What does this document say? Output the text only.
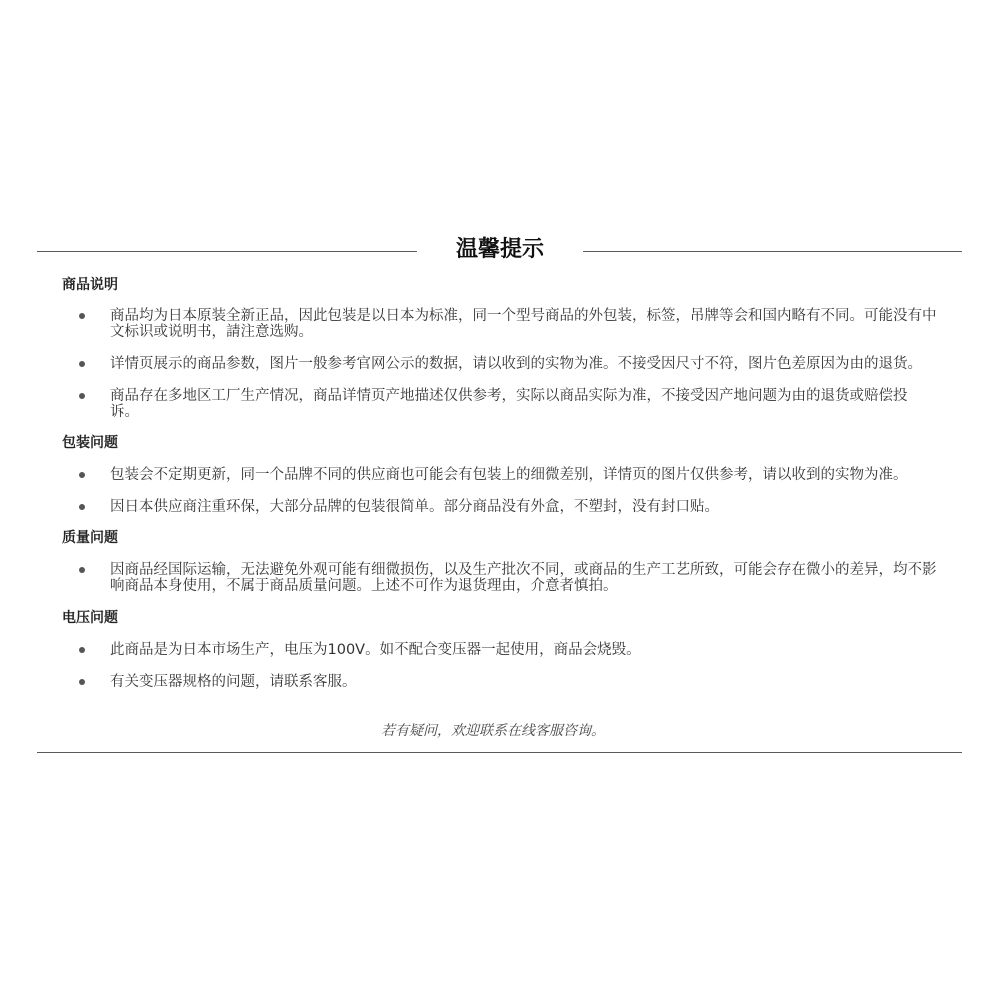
温馨提示
商品说明
商品均为日本原装全新正品，因此包装是以日本为标准，同一个型号商品的外包装，标签，吊牌等会和国内略有不同。可能没有中
文标识或说明书，請注意选购。
详情页展示的商品参数，图片一般参考官网公示的数据，请以收到的实物为准。不接受因尺寸不符，图片色差原因为由的退货。
商品存在多地区工厂生产情况，商品详情页产地描述仅供参考，实际以商品实际为准，不接受因产地问题为由的退货或赔偿投
诉。
包装问题
包装会不定期更新，同一个品牌不同的供应商也可能会有包装上的细微差别，详情页的图片仅供参考，请以收到的实物为准。
因日本供应商注重环保，大部分品牌的包装很简单。部分商品没有外盒，不塑封，没有封口贴。
质量问题
因商品经国际运输，无法避免外观可能有细微损伤，以及生产批次不同，或商品的生产工艺所致，可能会存在微小的差异，均不影
响商品本身使用，不属于商品质量问题。上述不可作为退货理由，介意者慎拍。
电压问题
此商品是为日本市场生产，电压为100V。如不配合变压器一起使用，商品会烧毁。
有关变压器规格的问题，请联系客服。
若有疑问，欢迎联系在线客服咨询。
